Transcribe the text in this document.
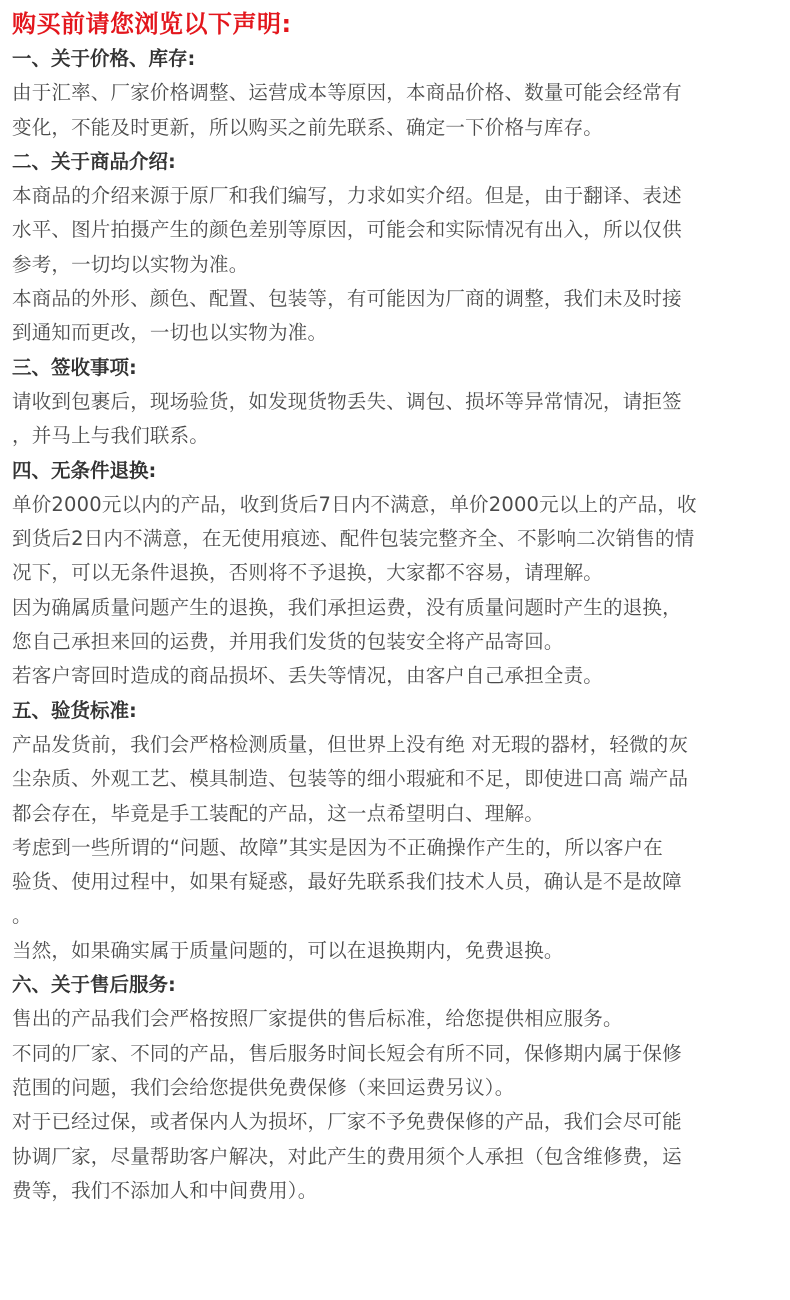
购买前请您浏览以下声明:
一、关于价格、库存:

由于汇率、厂家价格调整、运营成本等原因，本商品价格、数量可能会经常有
变化，不能及时更新，所以购买之前先联系、确定一下价格与库存。

二、关于商品介绍:

本商品的介绍来源于原厂和我们编写，力求如实介绍。但是，由于翻译、表述
水平、图片拍摄产生的颜色差别等原因，可能会和实际情况有出入，所以仅供
参考，一切均以实物为准。

本商品的外形、颜色、配置、包装等，有可能因为厂商的调整，我们未及时接
到通知而更改，一切也以实物为准。

三、签收事项:

请收到包裹后，现场验货，如发现货物丢失、调包、损坏等异常情况，请拒签
，并马上与我们联系。

四、无条件退换:

单价2000元以内的产品，收到货后7日内不满意，单价2000元以上的产品，收
到货后2日内不满意，在无使用痕迹、配件包装完整齐全、不影响二次销售的情
况下，可以无条件退换，否则将不予退换，大家都不容易，请理解。

因为确属质量问题产生的退换，我们承担运费，没有质量问题时产生的退换，
您自己承担来回的运费，并用我们发货的包装安全将产品寄回。

若客户寄回时造成的商品损坏、丢失等情况，由客户自己承担全责。

五、验货标准:

产品发货前，我们会严格检测质量，但世界上没有绝 对无瑕的器材，轻微的灰
尘杂质、外观工艺、模具制造、包装等的细小瑕疵和不足，即使进口高 端产品
都会存在，毕竟是手工装配的产品，这一点希望明白、理解。

考虑到一些所谓的“问题、故障”其实是因为不正确操作产生的，所以客户在
验货、使用过程中，如果有疑惑，最好先联系我们技术人员，确认是不是故障
。

当然，如果确实属于质量问题的，可以在退换期内，免费退换。

六、关于售后服务:

售出的产品我们会严格按照厂家提供的售后标准，给您提供相应服务。

不同的厂家、不同的产品，售后服务时间长短会有所不同，保修期内属于保修
范围的问题，我们会给您提供免费保修（来回运费另议）。

对于已经过保，或者保内人为损坏，厂家不予免费保修的产品，我们会尽可能
协调厂家，尽量帮助客户解决，对此产生的费用须个人承担（包含维修费，运
费等，我们不添加人和中间费用）。
